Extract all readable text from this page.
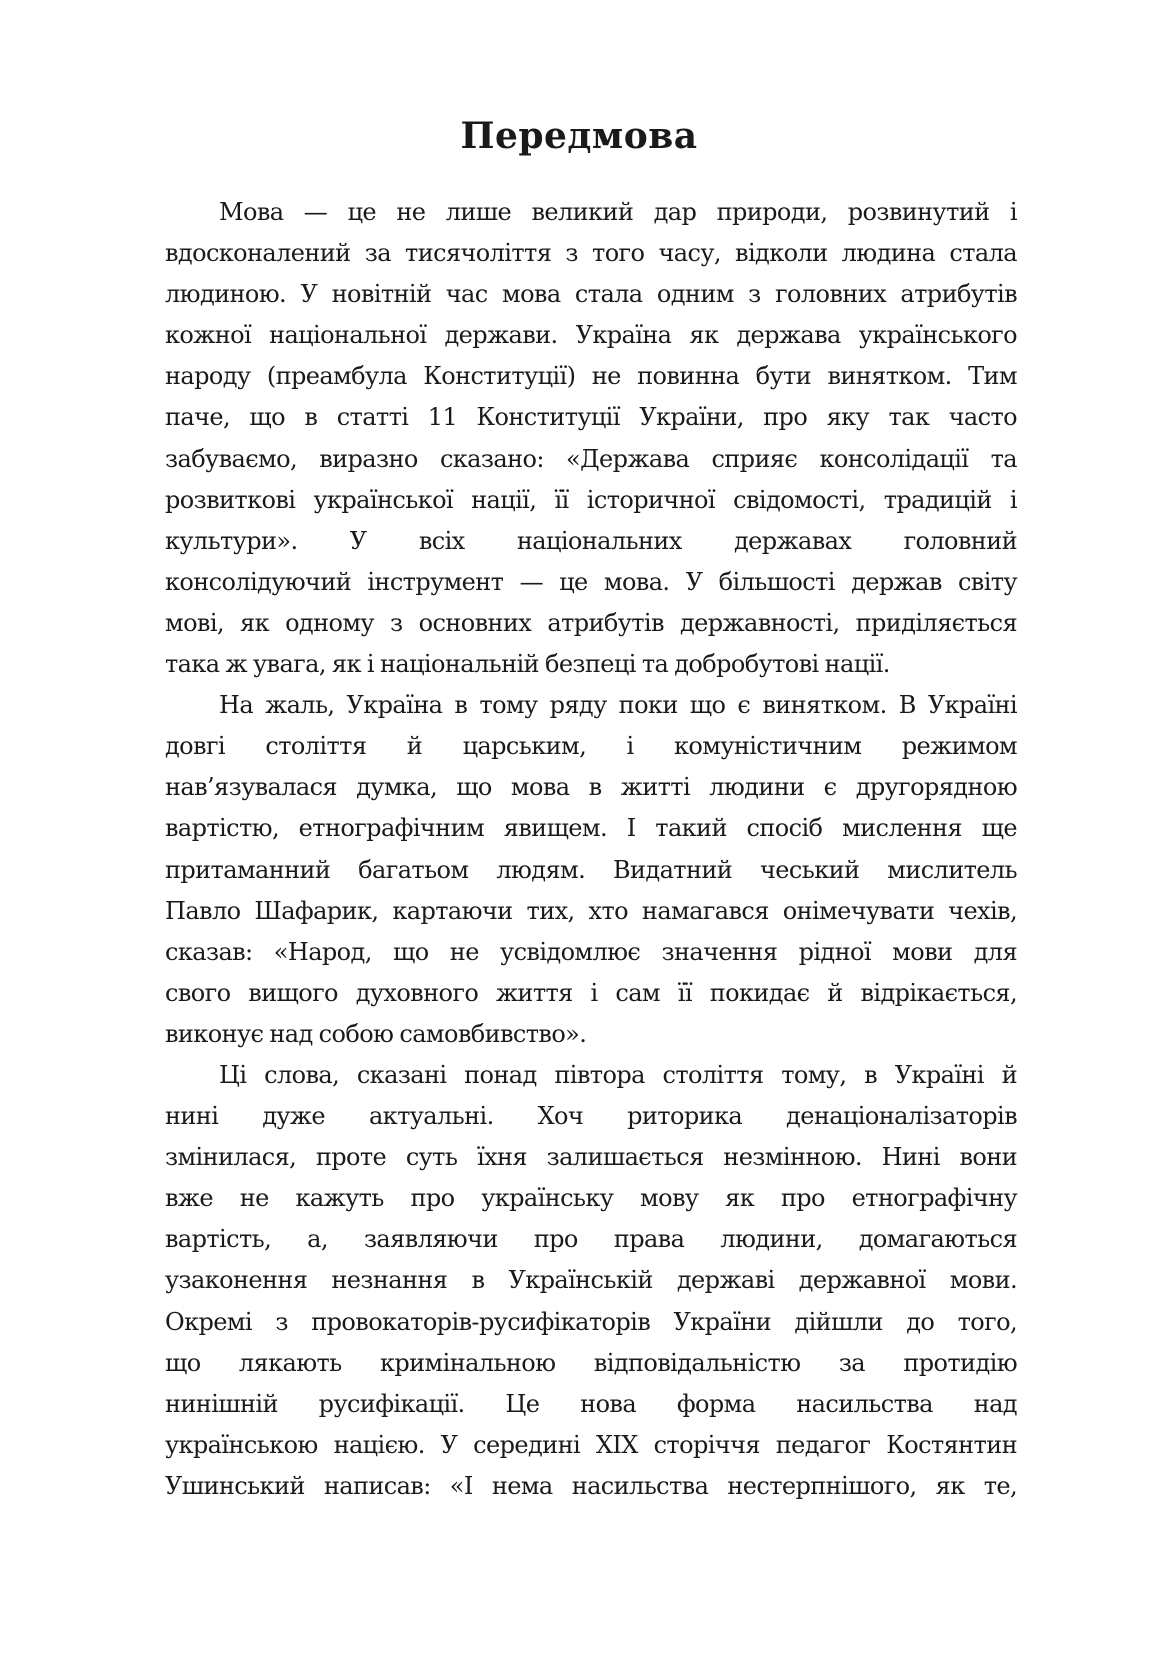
Передмова
Мова — це не лише великий дар природи, розвинутий і
вдосконалений за тисячоліття з того часу, відколи людина стала
людиною. У новітній час мова стала одним з головних атрибутів
кожної національної держави. Україна як держава українського
народу (преамбула Конституції) не повинна бути винятком. Тим
паче, що в статті 11 Конституції України, про яку так часто
забуваємо, виразно сказано: «Держава сприяє консолідації та
розвиткові української нації, її історичної свідомості, традицій і
культури». У всіх національних державах головний
консолідуючий інструмент — це мова. У більшості держав світу
мові, як одному з основних атрибутів державності, приділяється
така ж увага, як і національній безпеці та добробутові нації.
На жаль, Україна в тому ряду поки що є винятком. В Україні
довгі століття й царським, і комуністичним режимом
нав’язувалася думка, що мова в житті людини є другорядною
вартістю, етнографічним явищем. І такий спосіб мислення ще
притаманний багатьом людям. Видатний чеський мислитель
Павло Шафарик, картаючи тих, хто намагався онімечувати чехів,
сказав: «Народ, що не усвідомлює значення рідної мови для
свого вищого духовного життя і сам її покидає й відрікається,
виконує над собою самовбивство».
Ці слова, сказані понад півтора століття тому, в Україні й
нині дуже актуальні. Хоч риторика денаціоналізаторів
змінилася, проте суть їхня залишається незмінною. Нині вони
вже не кажуть про українську мову як про етнографічну
вартість, а, заявляючи про права людини, домагаються
узаконення незнання в Українській державі державної мови.
Окремі з провокаторів-русифікаторів України дійшли до того,
що лякають кримінальною відповідальністю за протидію
нинішній русифікації. Це нова форма насильства над
українською нацією. У середині XIX сторіччя педагог Костянтин
Ушинський написав: «І нема насильства нестерпнішого, як те,
